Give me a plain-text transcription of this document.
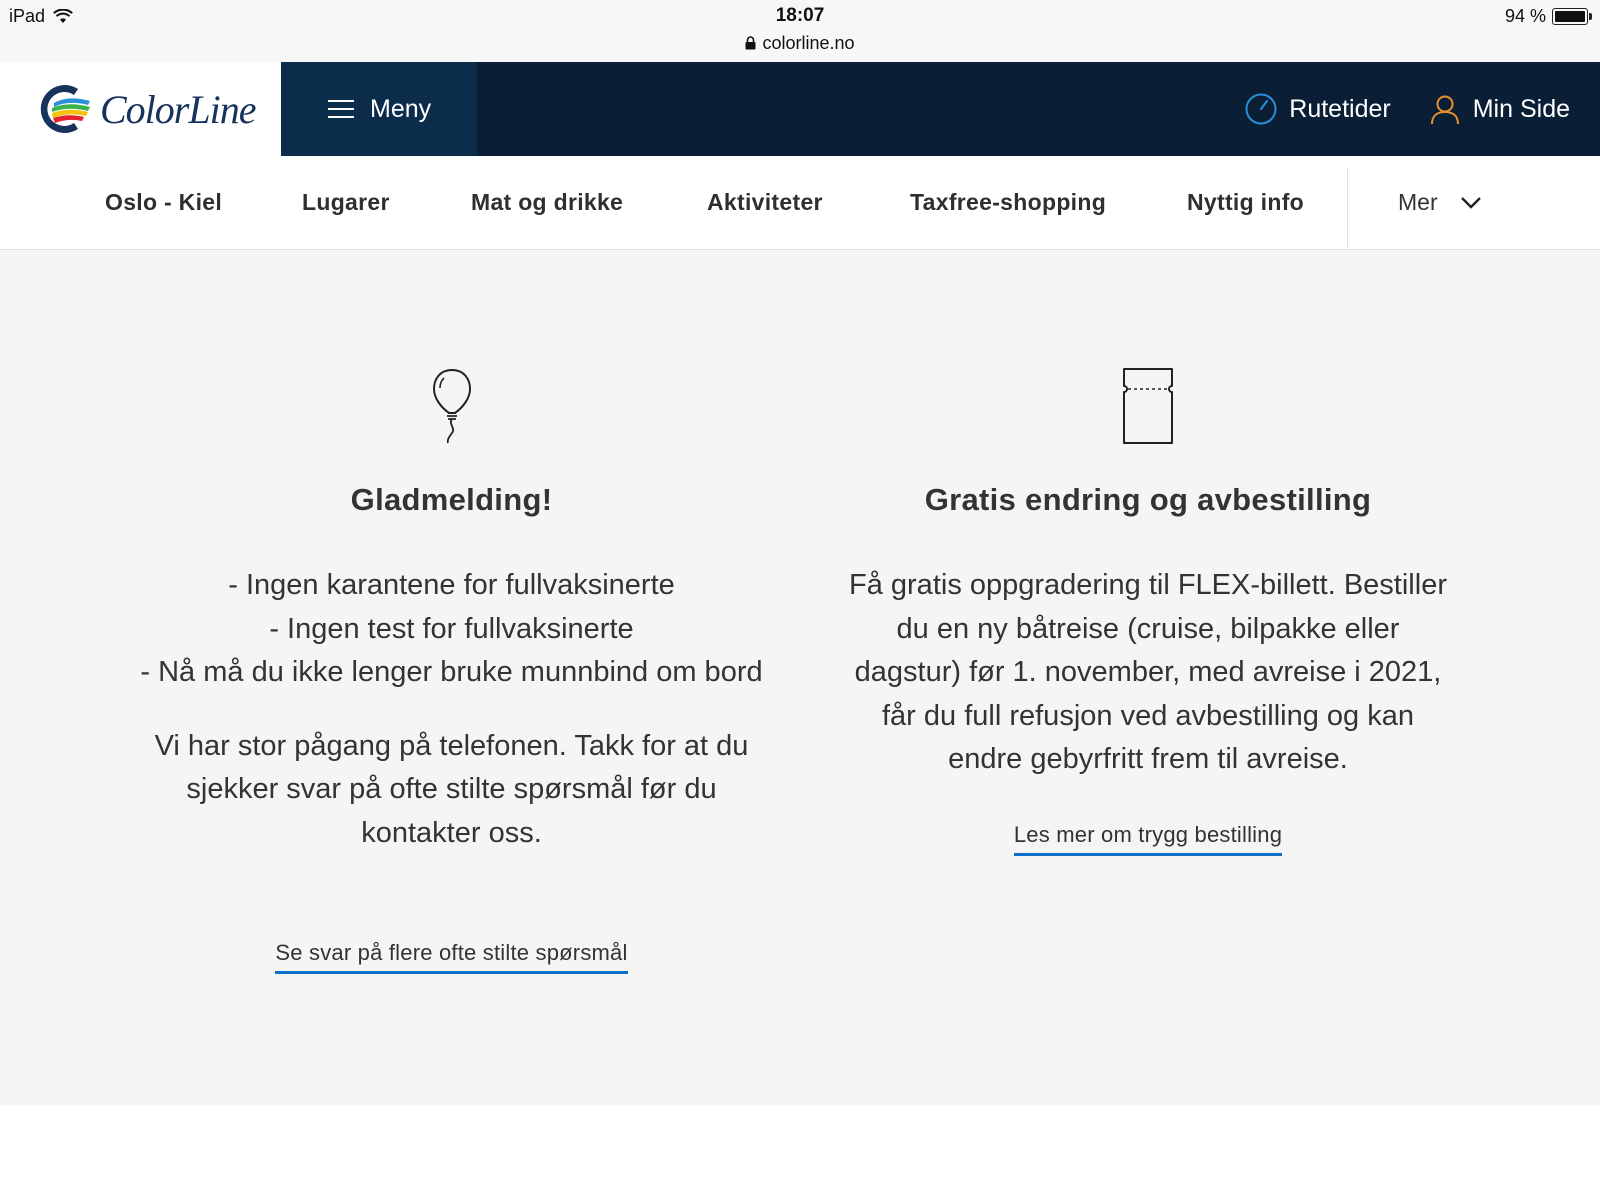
iPad	18:07
colorline.no
94 %
ColorLine	Meny	Rutetider	Min Side
Oslo - Kiel	Lugarer	Mat og drikke	Aktiviteter	Taxfree-shopping	Nyttig info	Mer
Gladmelding!

- Ingen karantene for fullvaksinerte

- Ingen test for fullvaksinerte

- Nå må du ikke lenger bruke munnbind om bord

Vi har stor pågang på telefonen. Takk for at du sjekker svar på ofte stilte spørsmål før du kontakter oss.

Se svar på flere ofte stilte spørsmål
Gratis endring og avbestilling

Få gratis oppgradering til FLEX-billett. Bestiller du en ny båtreise (cruise, bilpakke eller dagstur) før 1. november, med avreise i 2021, får du full refusjon ved avbestilling og kan endre gebyrfritt frem til avreise.

Les mer om trygg bestilling
